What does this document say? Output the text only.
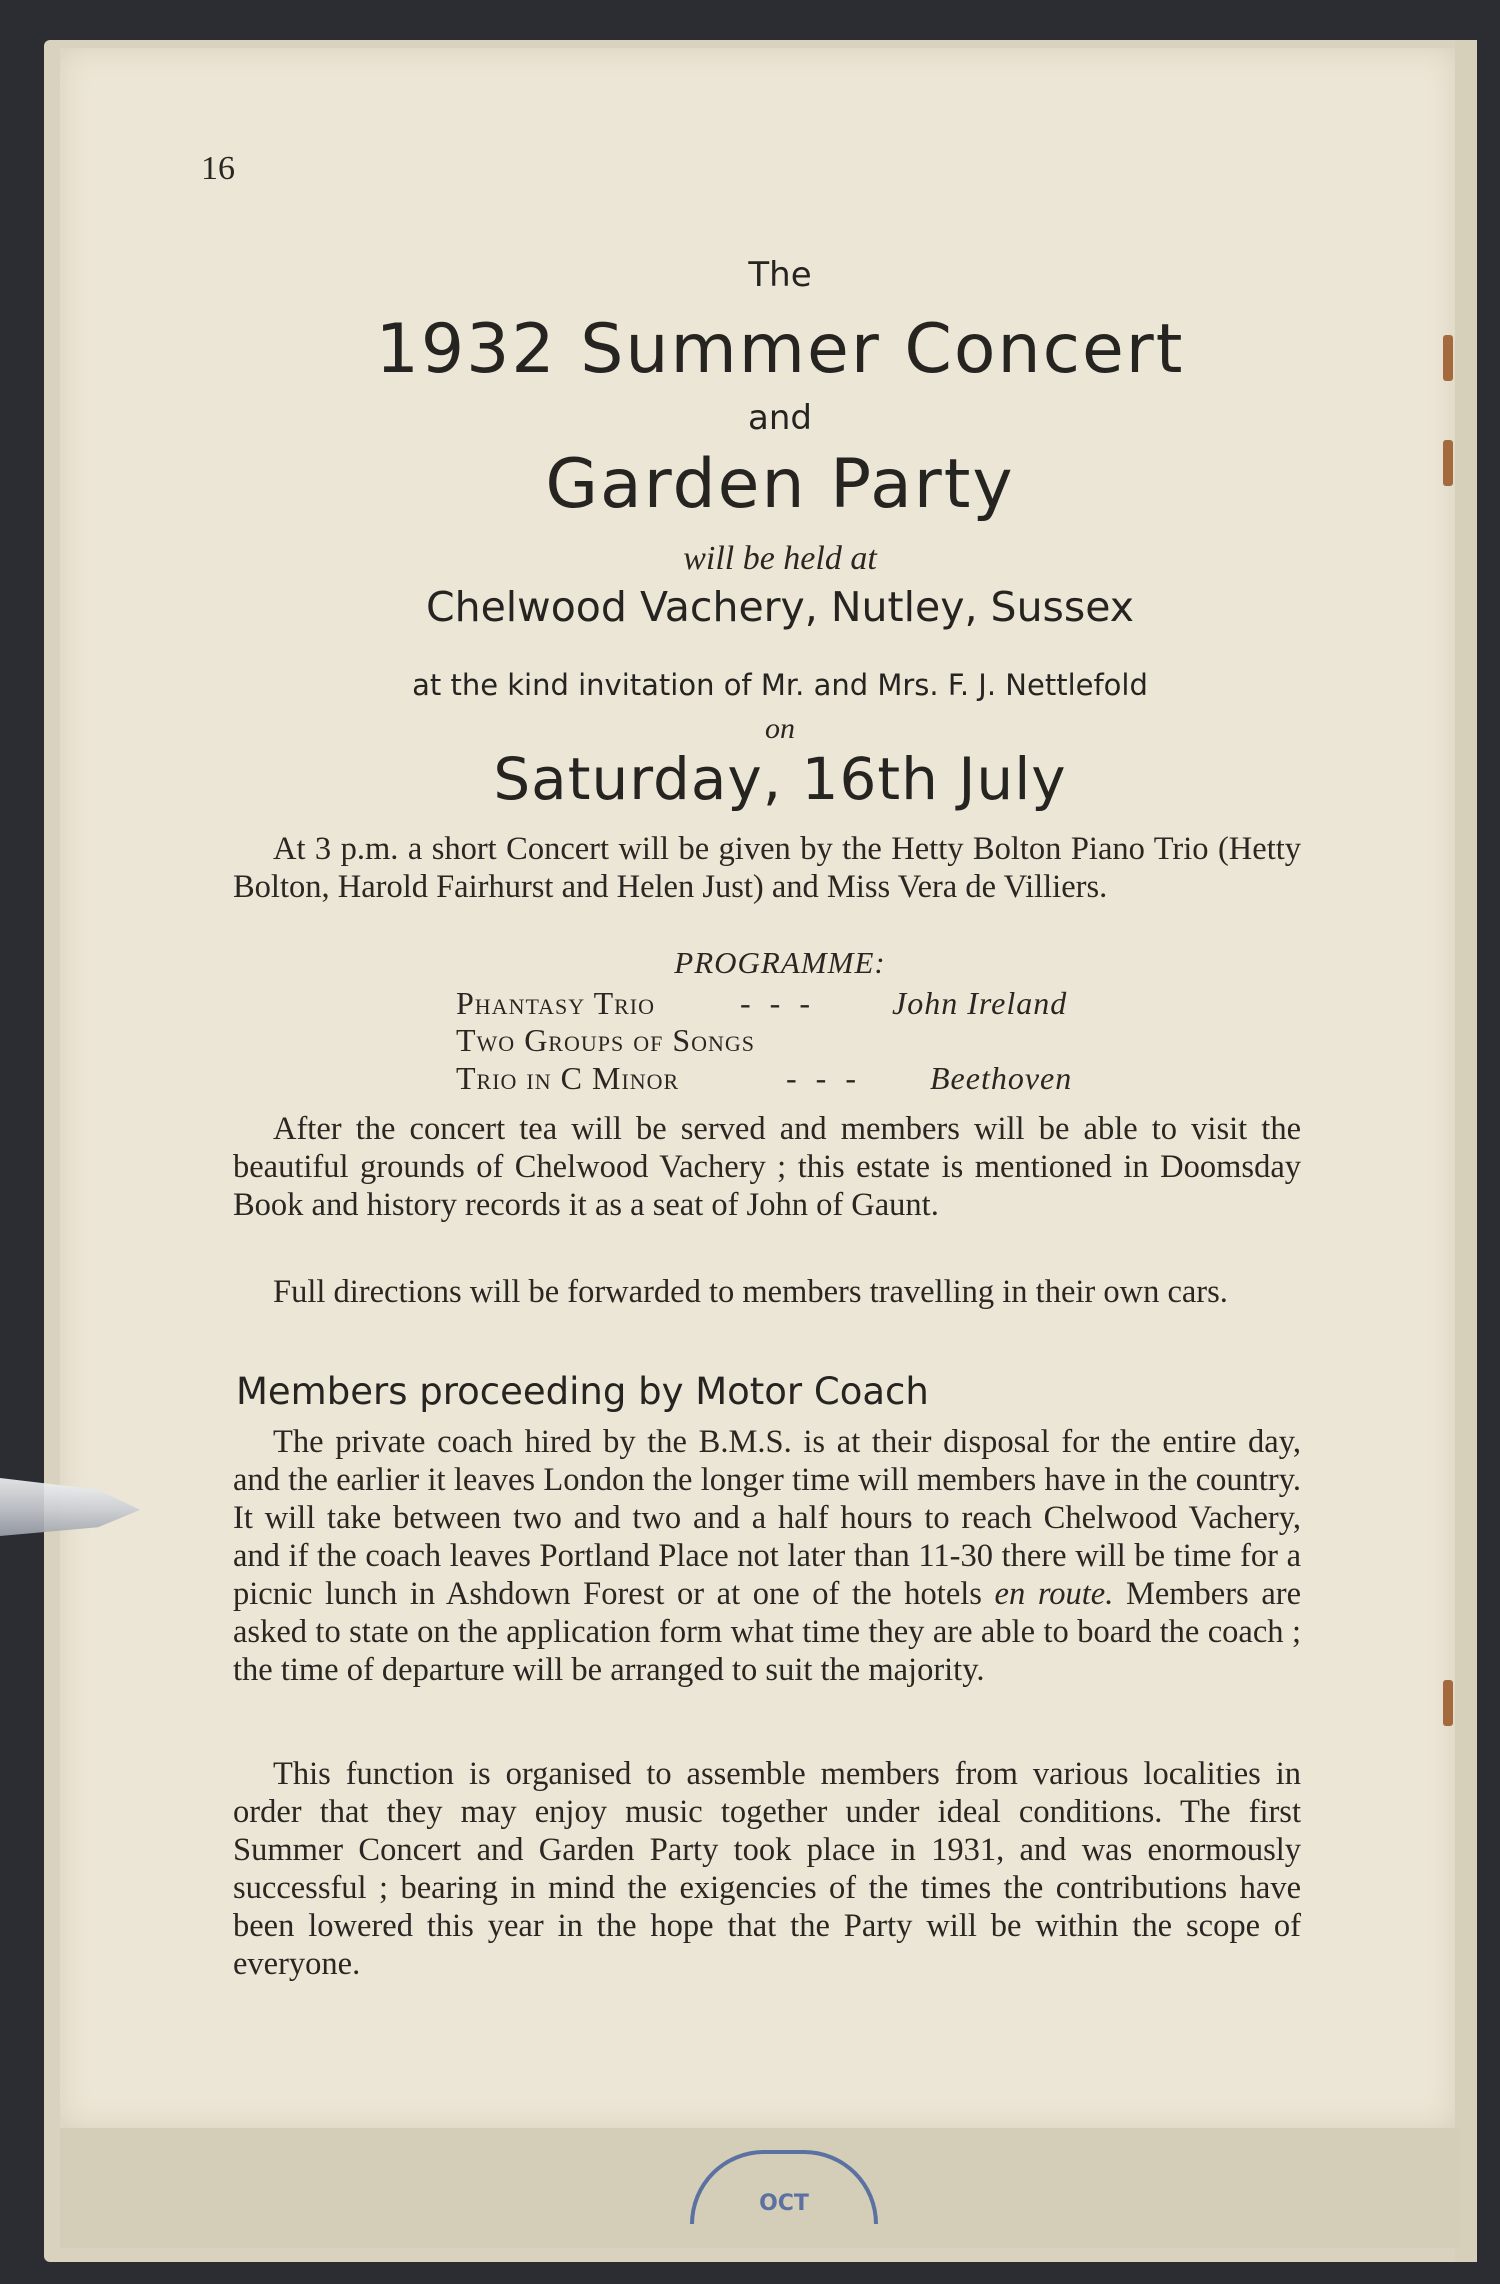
OCT
16
The
1932 Summer Concert
and
Garden Party
will be held at
Chelwood Vachery, Nutley, Sussex
at the kind invitation of Mr. and Mrs. F. J. Nettlefold
on
Saturday, 16th July

At 3 p.m. a short Concert will be given by the Hetty Bolton Piano Trio (Hetty Bolton, Harold Fairhurst and Helen Just) and Miss Vera de Villiers.

PROGRAMME:
Phantasy Trio	-  -  -	John Ireland
Two Groups of Songs
Trio in C Minor	-  -  - Beethoven

After the concert tea will be served and members will be able to visit the beautiful grounds of Chelwood Vachery ; this estate is mentioned in Doomsday Book and history records it as a seat of John of Gaunt.

Full directions will be forwarded to members travelling in their own cars.

Members proceeding by Motor Coach

The private coach hired by the B.M.S. is at their disposal for the entire day, and the earlier it leaves London the longer time will members have in the country. It will take between two and two and a half hours to reach Chelwood Vachery, and if the coach leaves Portland Place not later than 11-30 there will be time for a picnic lunch in Ashdown Forest or at one of the hotels en route. Members are asked to state on the application form what time they are able to board the coach ; the time of departure will be arranged to suit the majority.

This function is organised to assemble members from various localities in order that they may enjoy music together under ideal conditions. The first Summer Concert and Garden Party took place in 1931, and was enormously successful ; bearing in mind the exigencies of the times the contributions have been lowered this year in the hope that the Party will be within the scope of everyone.
